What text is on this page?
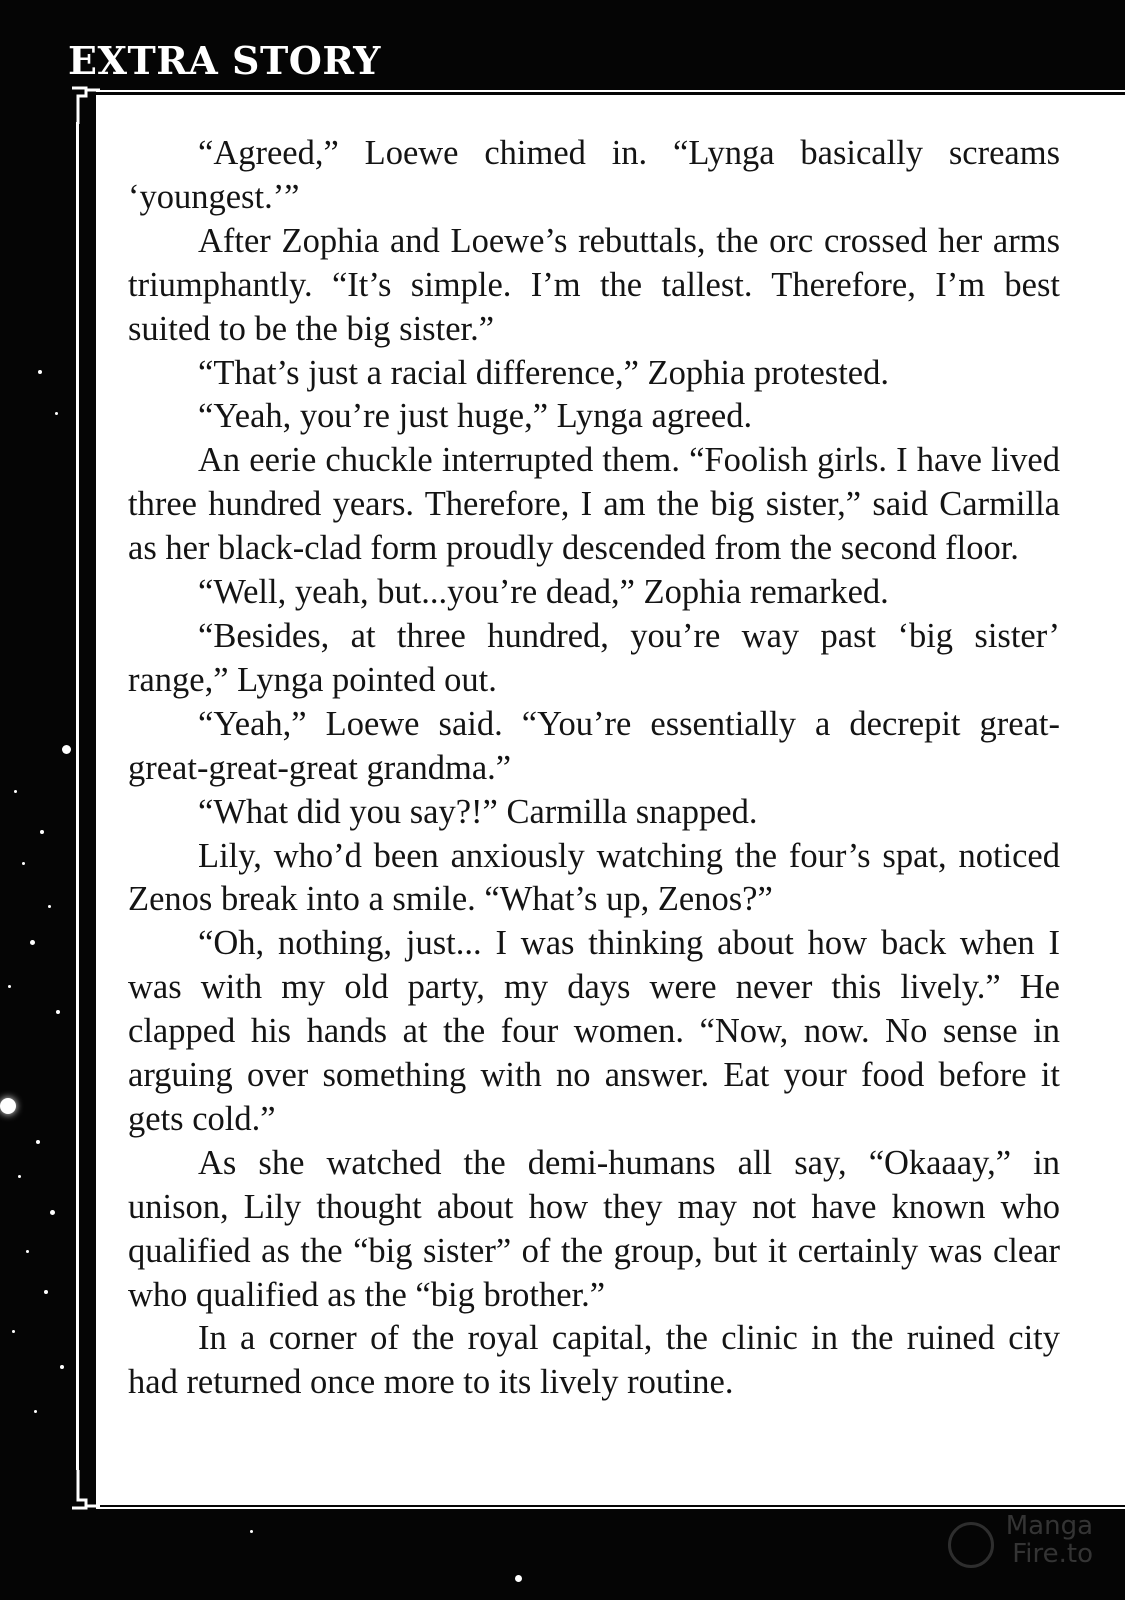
EXTRA STORY

“Agreed,” Loewe chimed in. “Lynga basically screams ‘youngest.’”

After Zophia and Loewe’s rebuttals, the orc crossed her arms triumphantly. “It’s simple. I’m the tallest. Therefore, I’m best suited to be the big sister.”

“That’s just a racial difference,” Zophia protested.

“Yeah, you’re just huge,” Lynga agreed.

An eerie chuckle interrupted them. “Foolish girls. I have lived three hundred years. Therefore, I am the big sister,” said Carmilla as her black-clad form proudly descended from the second floor.

“Well, yeah, but...you’re dead,” Zophia remarked.

“Besides, at three hundred, you’re way past ‘big sister’ range,” Lynga pointed out.

“Yeah,” Loewe said. “You’re essentially a decrepit great-great-great-great grandma.”

“What did you say?!” Carmilla snapped.

Lily, who’d been anxiously watching the four’s spat, noticed Zenos break into a smile. “What’s up, Zenos?”

“Oh, nothing, just... I was thinking about how back when I was with my old party, my days were never this lively.” He clapped his hands at the four women. “Now, now. No sense in arguing over something with no answer. Eat your food before it gets cold.”

As she watched the demi-humans all say, “Okaaay,” in unison, Lily thought about how they may not have known who qualified as the “big sister” of the group, but it certainly was clear who qualified as the “big brother.”

In a corner of the royal capital, the clinic in the ruined city had returned once more to its lively routine.

Manga
Fire.to
